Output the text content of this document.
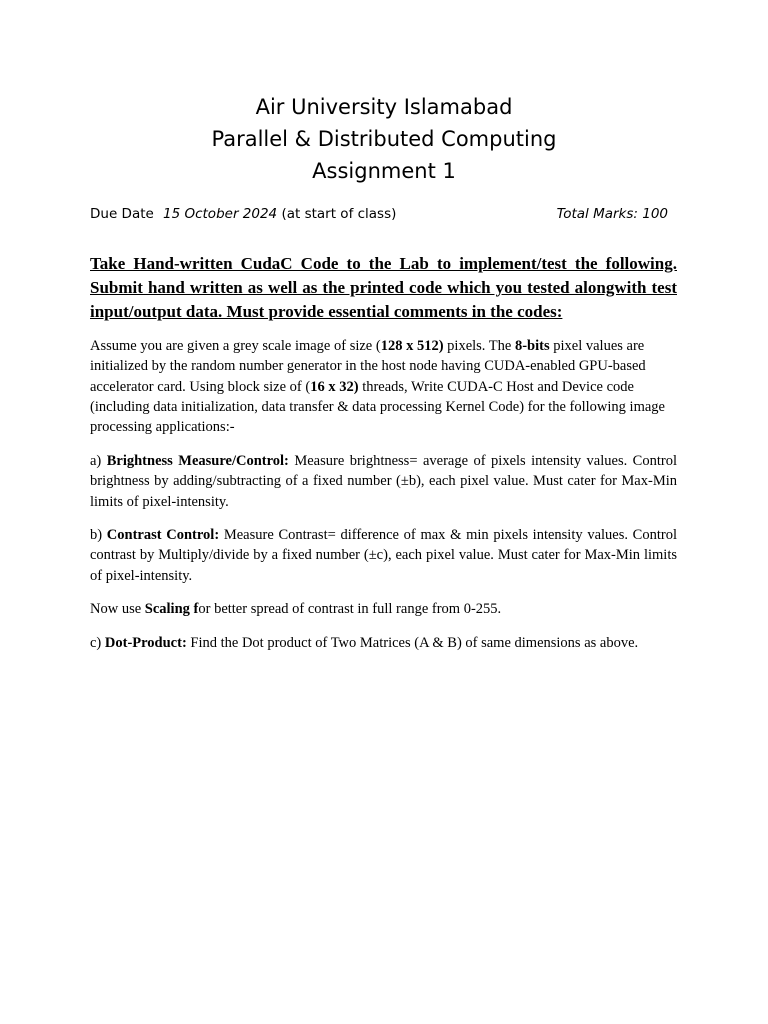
Air University Islamabad
Parallel & Distributed Computing
Assignment 1
Due Date 15 October 2024 (at start of class)	Total Marks: 100
Take Hand-written CudaC Code to the Lab to implement/test the following. Submit hand written as well as the printed code which you tested alongwith test input/output data. Must provide essential comments in the codes:
Assume you are given a grey scale image of size (128 x 512) pixels. The 8-bits pixel values are initialized by the random number generator in the host node having CUDA-enabled GPU-based accelerator card. Using block size of (16 x 32) threads, Write CUDA-C Host and Device code (including data initialization, data transfer & data processing Kernel Code) for the following image processing applications:-
a) Brightness Measure/Control: Measure brightness= average of pixels intensity values. Control brightness by adding/subtracting of a fixed number (±b), each pixel value. Must cater for Max-Min limits of pixel-intensity.
b) Contrast Control: Measure Contrast= difference of max & min pixels intensity values. Control contrast by Multiply/divide by a fixed number (±c), each pixel value. Must cater for Max-Min limits of pixel-intensity.
Now use Scaling for better spread of contrast in full range from 0-255.
c) Dot-Product: Find the Dot product of Two Matrices (A & B) of same dimensions as above.
